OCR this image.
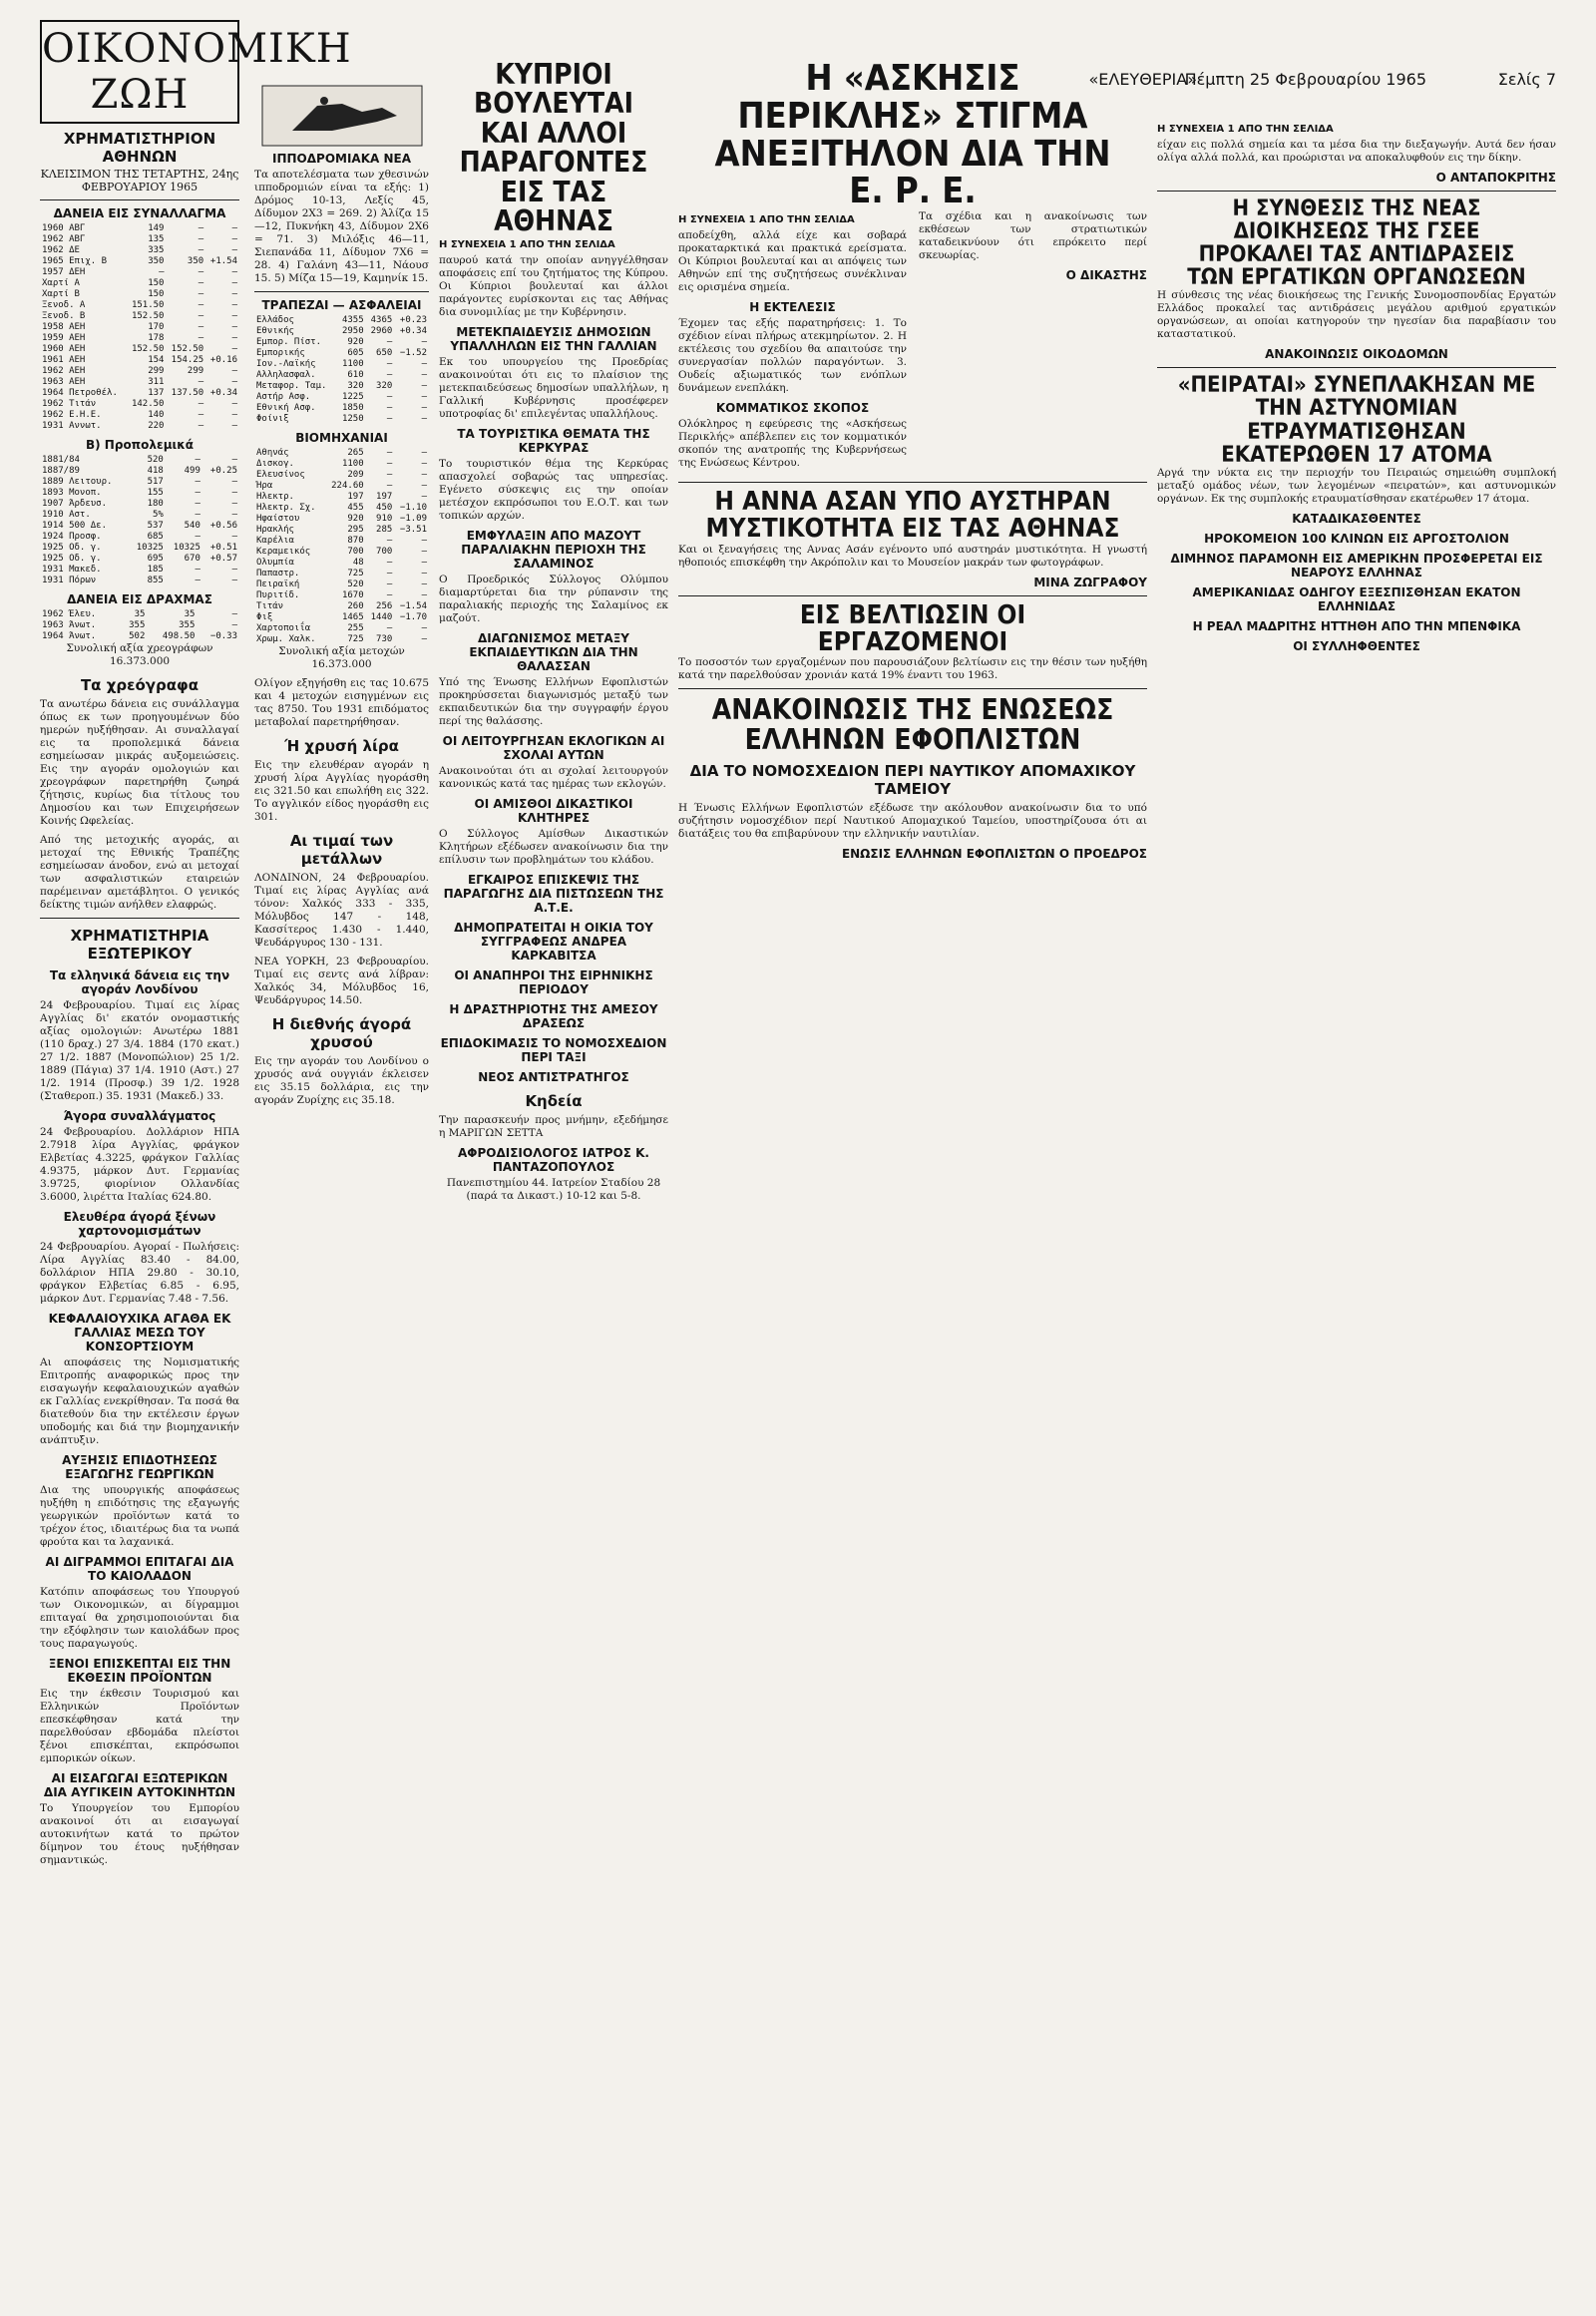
«ΕΛΕΥΘΕΡΙΑ»
Πέμπτη 25 Φεβρουαρίου 1965	Σελίς 7
ΟΙΚΟΝΟΜΙΚΗ ΖΩΗ
ΧΡΗΜΑΤΙΣΤΗΡΙΟΝ ΑΘΗΝΩΝ
ΚΛΕΙΣΙΜΟΝ ΤΗΣ ΤΕΤΑΡΤΗΣ, 24ης ΦΕΒΡΟΥΑΡΙΟΥ 1965
ΔΑΝΕΙΑ ΕΙΣ ΣΥΝΑΛΛΑΓΜΑ
1960 ΑΒΓ	149	—	—
1962 ΑΒΓ	135	—	—
1962 ΔΕ	335	—	—
1965 Επιχ. Β	350	350	+1.54
1957 ΔΕΗ	—	—	—
Χαρτί Α	150	—	—
Χαρτί Β	150	—	—
Ξενοδ. Α	151.50	—	—
Ξενοδ. Β	152.50	—	—
1958 ΑΕΗ	170	—	—
1959 ΑΕΗ	178	—	—
1960 ΑΕΗ	152.50	152.50	—
1961 ΑΕΗ	154	154.25	+0.16
1962 ΑΕΗ	299	299	—
1963 ΑΕΗ	311	—	—
1964 Πετροθέλ.	137	137.50	+0.34
1962 Τιτάν	142.50	—	—
1962 Ε.Η.Ε.	140	—	—
1931 Αννωτ.	220	—	—
Β) Προπολεμικά
1881/84	520	—	—
1887/89	418	499	+0.25
1889 Λειτουρ.	517	—	—
1893 Μονοπ.	155	—	—
1907 Άρδευσ.	180	—	—
1910 Αστ.	5%	—	—
1914 500 Δε.	537	540	+0.56
1924 Προσφ.	685	—	—
1925 Οδ. γ.	10325	10325	+0.51
1925 Οδ. γ.	695	670	+0.57
1931 Μακεδ.	185	—	—
1931 Πόρων	855	—	—
ΔΑΝΕΙΑ ΕΙΣ ΔΡΑΧΜΑΣ
1962 Έλευ.	35	35	—
1963 Άνωτ.	355	355	—
1964 Άνωτ.	502	498.50	−0.33
Συνολική αξία χρεογράφων 16.373.000
Τα χρεόγραφα

Τα ανωτέρω δάνεια εις συνάλλαγμα όπως εκ των προηγουμένων δύο ημερών ηυξήθησαν. Αι συναλλαγαί εις τα προπολεμικά δάνεια εσημείωσαν μικράς αυξομειώσεις. Εις την αγοράν ομολογιών και χρεογράφων παρετηρήθη ζωηρά ζήτησις, κυρίως δια τίτλους του Δημοσίου και των Επιχειρήσεων Κοινής Ωφελείας.

Από της μετοχικής αγοράς, αι μετοχαί της Εθνικής Τραπέζης εσημείωσαν άνοδον, ενώ αι μετοχαί των ασφαλιστικών εταιρειών παρέμειναν αμετάβλητοι. Ο γενικός δείκτης τιμών ανήλθεν ελαφρώς.

ΧΡΗΜΑΤΙΣΤΗΡΙΑ ΕΞΩΤΕΡΙΚΟΥ
Τα ελληνικά δάνεια εις την αγοράν Λονδίνου

24 Φεβρουαρίου. Τιμαί εις λίρας Αγγλίας δι' εκατόν ονομαστικής αξίας ομολογιών: Ανωτέρω 1881 (110 δραχ.) 27 3/4. 1884 (170 εκατ.) 27 1/2. 1887 (Μονοπώλιον) 25 1/2. 1889 (Πάγια) 37 1/4. 1910 (Αστ.) 27 1/2. 1914 (Προσφ.) 39 1/2. 1928 (Σταθεροπ.) 35. 1931 (Μακεδ.) 33.

Άγορα συναλλάγματος

24 Φεβρουαρίου. Δολλάριον ΗΠΑ 2.7918 λίρα Αγγλίας, φράγκον Ελβετίας 4.3225, φράγκον Γαλλίας 4.9375, μάρκον Δυτ. Γερμανίας 3.9725, φιορίνιον Ολλανδίας 3.6000, λιρέττα Ιταλίας 624.80.

Ελευθέρα άγορά ξένων χαρτονομισμάτων

24 Φεβρουαρίου. Αγοραί - Πωλήσεις: Λίρα Αγγλίας 83.40 - 84.00, δολλάριον ΗΠΑ 29.80 - 30.10, φράγκον Ελβετίας 6.85 - 6.95, μάρκον Δυτ. Γερμανίας 7.48 - 7.56.

ΚΕΦΑΛΑΙΟΥΧΙΚΑ ΑΓΑΘΑ ΕΚ ΓΑΛΛΙΑΣ ΜΕΣΩ ΤΟΥ ΚΟΝΣΟΡΤΣΙΟΥΜ

Αι αποφάσεις της Νομισματικής Επιτροπής αναφορικώς προς την εισαγωγήν κεφαλαιουχικών αγαθών εκ Γαλλίας ενεκρίθησαν. Τα ποσά θα διατεθούν δια την εκτέλεσιν έργων υποδομής και διά την βιομηχανικήν ανάπτυξιν.

ΑΥΞΗΣΙΣ ΕΠΙΔΟΤΗΣΕΩΣ ΕΞΑΓΩΓΗΣ ΓΕΩΡΓΙΚΩΝ

Δια της υπουργικής αποφάσεως ηυξήθη η επιδότησις της εξαγωγής γεωργικών προϊόντων κατά το τρέχον έτος, ιδιαιτέρως δια τα νωπά φρούτα και τα λαχανικά.

ΑΙ ΔΙΓΡΑΜΜΟΙ ΕΠΙΤΑΓΑΙ ΔΙΑ ΤΟ ΚΑΙΟΛΑΔΟΝ

Κατόπιν αποφάσεως του Υπουργού των Οικονομικών, αι δίγραμμοι επιταγαί θα χρησιμοποιούνται δια την εξόφλησιν των καιολάδων προς τους παραγωγούς.

ΞΕΝΟΙ ΕΠΙΣΚΕΠΤΑΙ ΕΙΣ ΤΗΝ ΕΚΘΕΣΙΝ ΠΡΟΪΟΝΤΩΝ

Εις την έκθεσιν Τουρισμού και Ελληνικών Προϊόντων επεσκέφθησαν κατά την παρελθούσαν εβδομάδα πλείστοι ξένοι επισκέπται, εκπρόσωποι εμπορικών οίκων.

ΑΙ ΕΙΣΑΓΩΓΑΙ ΕΞΩΤΕΡΙΚΩΝ ΔΙΑ ΑΥΓΙΚΕΙΝ ΑΥΤΟΚΙΝΗΤΩΝ

Το Υπουργείον του Εμπορίου ανακοινοί ότι αι εισαγωγαί αυτοκινήτων κατά το πρώτον δίμηνον του έτους ηυξήθησαν σημαντικώς.

ΙΠΠΟΔΡΟΜΙΑΚΑ ΝΕΑ

Τα αποτελέσματα των χθεσινών ιπποδρομιών είναι τα εξής: 1) Δρόμος 10-13, Λεξίς 45, Δίδυμον 2Χ3 = 269. 2) Άλίζα 15—12, Πυκνήκη 43, Δίδυμον 2Χ6 = 71. 3) Μιλόξις 46—11, Σιεπανάδα 11, Δίδυμον 7Χ6 = 28. 4) Γαλάνη 43—11, Νάουσ 15. 5) Μίζα 15—19, Καμηνίκ 15.

ΤΡΑΠΕΖΑΙ — ΑΣΦΑΛΕΙΑΙ
Ελλάδος	4355	4365	+0.23
Εθνικής	2950	2960	+0.34
Εμπορ. Πίστ.	920	—	—
Εμπορικής	605	650	−1.52
Ιον.-Λαϊκής	1100	—	—
Αλληλασφαλ.	610	—	—
Μεταφορ. Ταμ.	320	320	—
Αστήρ Ασφ.	1225	—	—
Εθνική Ασφ.	1850	—	—
Φοίνιξ	1250	—	—
ΒΙΟΜΗΧΑΝΙΑΙ
Αθηνάς	265	—	—
Δισκογ.	1100	—	—
Ελευσίνος	209	—	—
Ήρα	224.60	—	—
Ηλεκτρ.	197	197	—
Ηλεκτρ. Σχ.	455	450	−1.10
Ηφαίστου	920	910	−1.09
Ηρακλής	295	285	−3.51
Καρέλια	870	—	—
Κεραμεικός	700	700	—
Ολυμπία	48	—	—
Παπαστρ.	725	—	—
Πειραϊκή	520	—	—
Πυριτίδ.	1670	—	—
Τιτάν	260	256	−1.54
Φιξ	1465	1440	−1.70
Χαρτοποιΐα	255	—	—
Χρωμ. Χαλκ.	725	730	—
Συνολική αξία μετοχών 16.373.000

Ολίγον εξηγήσθη εις τας 10.675 και 4 μετοχών εισηγμένων εις τας 8750. Του 1931 επιδόματος μεταβολαί παρετηρήθησαν.

Ή χρυσή λίρα

Εις την ελευθέραν αγοράν η χρυσή λίρα Αγγλίας ηγοράσθη εις 321.50 και επωλήθη εις 322. Το αγγλικόν είδος ηγοράσθη εις 301.

Αι τιμαί των μετάλλων

ΛΟΝΔΙΝΟΝ, 24 Φεβρουαρίου. Τιμαί εις λίρας Αγγλίας ανά τόνον: Χαλκός 333 - 335, Μόλυβδος 147 - 148, Κασσίτερος 1.430 - 1.440, Ψευδάργυρος 130 - 131.

ΝΕΑ ΥΟΡΚΗ, 23 Φεβρουαρίου. Τιμαί εις σεντς ανά λίβραν: Χαλκός 34, Μόλυβδος 16, Ψευδάργυρος 14.50.

Η διεθνής άγορά χρυσού

Εις την αγοράν του Λονδίνου ο χρυσός ανά ουγγιάν έκλεισεν εις 35.15 δολλάρια, εις την αγοράν Ζυρίχης εις 35.18.

ΚΥΠΡΙΟΙ ΒΟΥΛΕΥΤΑΙ ΚΑΙ ΑΛΛΟΙ ΠΑΡΑΓΟΝΤΕΣ ΕΙΣ ΤΑΣ ΑΘΗΝΑΣ
Η ΣΥΝΕΧΕΙΑ 1 ΑΠΟ ΤΗΝ ΣΕΛΙΔΑ

παυρού κατά την οποίαν ανηγγέλθησαν αποφάσεις επί του ζητήματος της Κύπρου. Οι Κύπριοι βουλευταί και άλλοι παράγοντες ευρίσκονται εις τας Αθήνας δια συνομιλίας με την Κυβέρνησιν.

ΜΕΤΕΚΠΑΙΔΕΥΣΙΣ ΔΗΜΟΣΙΩΝ ΥΠΑΛΛΗΛΩΝ ΕΙΣ ΤΗΝ ΓΑΛΛΙΑΝ

Εκ του υπουργείου της Προεδρίας ανακοινούται ότι εις το πλαίσιον της μετεκπαιδεύσεως δημοσίων υπαλλήλων, η Γαλλική Κυβέρνησις προσέφερεν υποτροφίας δι' επιλεγέντας υπαλλήλους.

ΤΑ ΤΟΥΡΙΣΤΙΚΑ ΘΕΜΑΤΑ ΤΗΣ ΚΕΡΚΥΡΑΣ

Το τουριστικόν θέμα της Κερκύρας απασχολεί σοβαρώς τας υπηρεσίας. Εγένετο σύσκεψις εις την οποίαν μετέσχον εκπρόσωποι του Ε.Ο.Τ. και των τοπικών αρχών.

ΕΜΦΥΛΑΞΙΝ ΑΠΟ ΜΑΖΟΥΤ ΠΑΡΑΛΙΑΚΗΝ ΠΕΡΙΟΧΗ ΤΗΣ ΣΑΛΑΜΙΝΟΣ

Ο Προεδρικός Σύλλογος Ολύμπου διαμαρτύρεται δια την ρύπανσιν της παραλιακής περιοχής της Σαλαμίνος εκ μαζούτ.

ΔΙΑΓΩΝΙΣΜΟΣ ΜΕΤΑΞΥ ΕΚΠΑΙΔΕΥΤΙΚΩΝ ΔΙΑ ΤΗΝ ΘΑΛΑΣΣΑΝ

Υπό της Ένωσης Ελλήνων Εφοπλιστών προκηρύσσεται διαγωνισμός μεταξύ των εκπαιδευτικών δια την συγγραφήν έργου περί της θαλάσσης.

ΟΙ ΛΕΙΤΟΥΡΓΗΣΑΝ ΕΚΛΟΓΙΚΩΝ ΑΙ ΣΧΟΛΑΙ ΑΥΤΩΝ

Ανακοινούται ότι αι σχολαί λειτουργούν κανονικώς κατά τας ημέρας των εκλογών.

ΟΙ ΑΜΙΣΘΟΙ ΔΙΚΑΣΤΙΚΟΙ ΚΛΗΤΗΡΕΣ

Ο Σύλλογος Αμίσθων Δικαστικών Κλητήρων εξέδωσεν ανακοίνωσιν δια την επίλυσιν των προβλημάτων του κλάδου.

ΕΓΚΑΙΡΟΣ ΕΠΙΣΚΕΨΙΣ ΤΗΣ ΠΑΡΑΓΩΓΗΣ ΔΙΑ ΠΙΣΤΩΣΕΩΝ ΤΗΣ Α.Τ.Ε.
ΔΗΜΟΠΡΑΤΕΙΤΑΙ Η ΟΙΚΙΑ ΤΟΥ ΣΥΓΓΡΑΦΕΩΣ ΑΝΔΡΕΑ ΚΑΡΚΑΒΙΤΣΑ
ΟΙ ΑΝΑΠΗΡΟΙ ΤΗΣ ΕΙΡΗΝΙΚΗΣ ΠΕΡΙΟΔΟΥ
Η ΔΡΑΣΤΗΡΙΟΤΗΣ ΤΗΣ ΑΜΕΣΟΥ ΔΡΑΣΕΩΣ
ΕΠΙΔΟΚΙΜΑΣΙΣ ΤΟ ΝΟΜΟΣΧΕΔΙΟΝ ΠΕΡΙ ΤΑΞΙ
ΝΕΟΣ ΑΝΤΙΣΤΡΑΤΗΓΟΣ
Κηδεία

Την παρασκευήν προς μνήμην, εξεδήμησε η ΜΑΡΙΓΩΝ ΣΕΤΤΑ

ΑΦΡΟΔΙΣΙΟΛΟΓΟΣ ΙΑΤΡΟΣ Κ. ΠΑΝΤΑΖΟΠΟΥΛΟΣ

Πανεπιστημίου 44. Ιατρείον Σταδίου 28 (παρά τα Δικαστ.) 10-12 και 5-8.

Η «ΑΣΚΗΣΙΣ ΠΕΡΙΚΛΗΣ» ΣΤΙΓΜΑ ΑΝΕΞΙΤΗΛΟΝ ΔΙΑ ΤΗΝ Ε. Ρ. Ε.
Η ΣΥΝΕΧΕΙΑ 1 ΑΠΟ ΤΗΝ ΣΕΛΙΔΑ

αποδείχθη, αλλά είχε και σοβαρά προκαταρκτικά και πρακτικά ερείσματα. Οι Κύπριοι βουλευταί και αι απόψεις των Αθηνών επί της συζητήσεως συνέκλιναν εις ορισμένα σημεία.

Η ΕΚΤΕΛΕΣΙΣ

Έχομεν τας εξής παρατηρήσεις: 1. Το σχέδιον είναι πλήρως ατεκμηρίωτον. 2. Η εκτέλεσις του σχεδίου θα απαιτούσε την συνεργασίαν πολλών παραγόντων. 3. Ουδείς αξιωματικός των ενόπλων δυνάμεων ενεπλάκη.

ΚΟΜΜΑΤΙΚΟΣ ΣΚΟΠΟΣ

Ολόκληρος η εφεύρεσις της «Ασκήσεως Περικλής» απέβλεπεν εις τον κομματικόν σκοπόν της ανατροπής της Κυβερνήσεως της Ενώσεως Κέντρου.

Τα σχέδια και η ανακοίνωσις των εκθέσεων των στρατιωτικών καταδεικνύουν ότι επρόκειτο περί σκευωρίας.

Ο ΔΙΚΑΣΤΗΣ
Η ΑΝΝΑ ΑΣΑΝ ΥΠΟ ΑΥΣΤΗΡΑΝ ΜΥΣΤΙΚΟΤΗΤΑ ΕΙΣ ΤΑΣ ΑΘΗΝΑΣ

Και οι ξεναγήσεις της Αννας Ασάν εγένοντο υπό αυστηράν μυστικότητα. Η γνωστή ηθοποιός επισκέφθη την Ακρόπολιν και το Μουσείον μακράν των φωτογράφων.

ΜΙΝΑ ΖΩΓΡΑΦΟΥ
ΕΙΣ ΒΕΛΤΙΩΣΙΝ ΟΙ ΕΡΓΑΖΟΜΕΝΟΙ

Το ποσοστόν των εργαζομένων που παρουσιάζουν βελτίωσιν εις την θέσιν των ηυξήθη κατά την παρελθούσαν χρονιάν κατά 19% έναντι του 1963.

ΑΝΑΚΟΙΝΩΣΙΣ ΤΗΣ ΕΝΩΣΕΩΣ ΕΛΛΗΝΩΝ ΕΦΟΠΛΙΣΤΩΝ
ΔΙΑ ΤΟ ΝΟΜΟΣΧΕΔΙΟΝ ΠΕΡΙ ΝΑΥΤΙΚΟΥ ΑΠΟΜΑΧΙΚΟΥ ΤΑΜΕΙΟΥ

Η Ένωσις Ελλήνων Εφοπλιστών εξέδωσε την ακόλουθον ανακοίνωσιν δια το υπό συζήτησιν νομοσχέδιον περί Ναυτικού Απομαχικού Ταμείου, υποστηρίζουσα ότι αι διατάξεις του θα επιβαρύνουν την ελληνικήν ναυτιλίαν.

ΕΝΩΣΙΣ ΕΛΛΗΝΩΝ ΕΦΟΠΛΙΣΤΩΝ Ο ΠΡΟΕΔΡΟΣ
Η ΣΥΝΕΧΕΙΑ 1 ΑΠΟ ΤΗΝ ΣΕΛΙΔΑ

είχαν εις πολλά σημεία και τα μέσα δια την διεξαγωγήν. Αυτά δεν ήσαν ολίγα αλλά πολλά, και προώρισται να αποκαλυφθούν εις την δίκην.

Ο ΑΝΤΑΠΟΚΡΙΤΗΣ
Η ΣΥΝΘΕΣΙΣ ΤΗΣ ΝΕΑΣ ΔΙΟΙΚΗΣΕΩΣ ΤΗΣ ΓΣΕΕ ΠΡΟΚΑΛΕΙ ΤΑΣ ΑΝΤΙΔΡΑΣΕΙΣ ΤΩΝ ΕΡΓΑΤΙΚΩΝ ΟΡΓΑΝΩΣΕΩΝ

Η σύνθεσις της νέας διοικήσεως της Γενικής Συνομοσπονδίας Εργατών Ελλάδος προκαλεί τας αντιδράσεις μεγάλου αριθμού εργατικών οργανώσεων, αι οποίαι κατηγορούν την ηγεσίαν δια παραβίασιν του καταστατικού.

ΑΝΑΚΟΙΝΩΣΙΣ ΟΙΚΟΔΟΜΩΝ
«ΠΕΙΡΑΤΑΙ» ΣΥΝΕΠΛΑΚΗΣΑΝ ΜΕ ΤΗΝ ΑΣΤΥΝΟΜΙΑΝ ΕΤΡΑΥΜΑΤΙΣΘΗΣΑΝ ΕΚΑΤΕΡΩΘΕΝ 17 ΑΤΟΜΑ

Αργά την νύκτα εις την περιοχήν του Πειραιώς σημειώθη συμπλοκή μεταξύ ομάδος νέων, των λεγομένων «πειρατών», και αστυνομικών οργάνων. Εκ της συμπλοκής ετραυματίσθησαν εκατέρωθεν 17 άτομα.

ΚΑΤΑΔΙΚΑΣΘΕΝΤΕΣ
ΗΡΟΚΟΜΕΙΟΝ 100 ΚΛΙΝΩΝ ΕΙΣ ΑΡΓΟΣΤΟΛΙΟΝ
ΔΙΜΗΝΟΣ ΠΑΡΑΜΟΝΗ ΕΙΣ ΑΜΕΡΙΚΗΝ ΠΡΟΣΦΕΡΕΤΑΙ ΕΙΣ ΝΕΑΡΟΥΣ ΕΛΛΗΝΑΣ
ΑΜΕΡΙΚΑΝΙΔΑΣ ΟΔΗΓΟΥ ΕΞΕΣΠΙΣΘΗΣΑΝ ΕΚΑΤΟΝ ΕΛΛΗΝΙΔΑΣ
Η ΡΕΑΛ ΜΑΔΡΙΤΗΣ ΗΤΤΗΘΗ ΑΠΟ ΤΗΝ ΜΠΕΝΦΙΚΑ
ΟΙ ΣΥΛΛΗΦΘΕΝΤΕΣ
